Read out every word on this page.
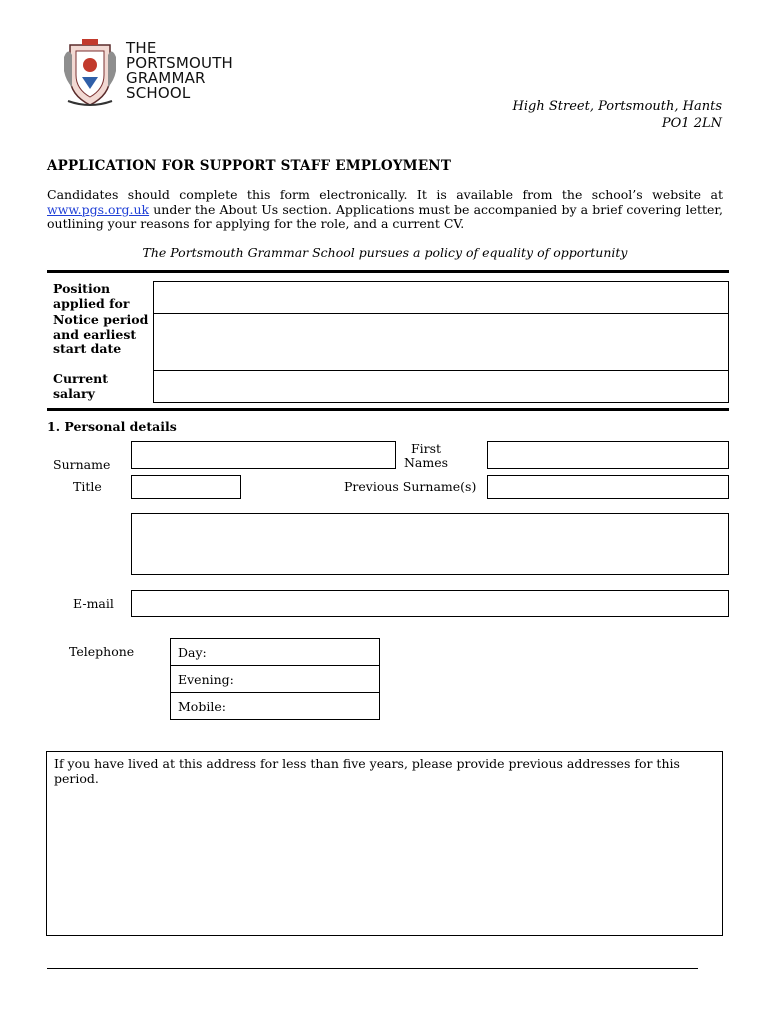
THE
PORTSMOUTH
GRAMMAR
SCHOOL
High Street, Portsmouth, Hants
PO1 2LN
APPLICATION FOR SUPPORT STAFF EMPLOYMENT
Candidates should complete this form electronically. It is available from the school’s website at www.pgs.org.uk under the About Us section. Applications must be accompanied by a brief covering letter, outlining your reasons for applying for the role, and a current CV.
The Portsmouth Grammar School pursues a policy of equality of opportunity
Position applied for
Notice period and earliest start date
Current salary
1. Personal details
Surname
First Names
Title	Previous Surname(s)
E-mail
Telephone	Day:
Evening:
Mobile:
If you have lived at this address for less than five years, please provide previous addresses for this period.
